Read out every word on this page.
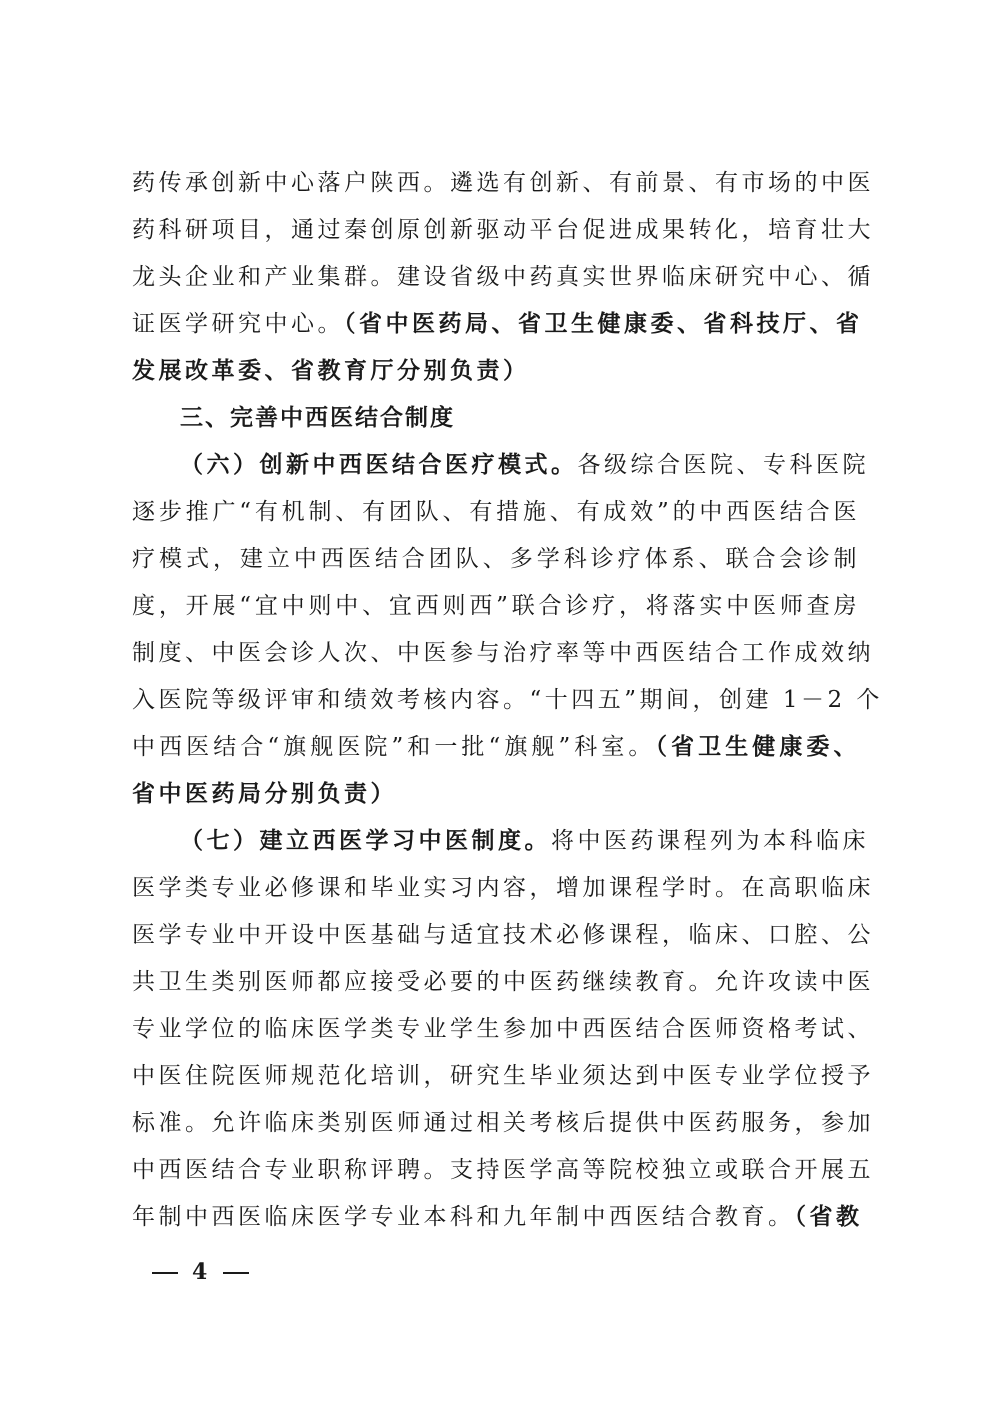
药传承创新中心落户陕西。遴选有创新、有前景、有市场的中医
药科研项目，通过秦创原创新驱动平台促进成果转化，培育壮大
龙头企业和产业集群。建设省级中药真实世界临床研究中心、循
证医学研究中心。（省中医药局、省卫生健康委、省科技厅、省
发展改革委、省教育厅分别负责）
三、完善中西医结合制度
（六）创新中西医结合医疗模式。各级综合医院、专科医院
逐步推广“有机制、有团队、有措施、有成效”的中西医结合医
疗模式，建立中西医结合团队、多学科诊疗体系、联合会诊制
度，开展“宜中则中、宜西则西”联合诊疗，将落实中医师查房
制度、中医会诊人次、中医参与治疗率等中西医结合工作成效纳
入医院等级评审和绩效考核内容。“十四五”期间，创建 1－2 个
中西医结合“旗舰医院”和一批“旗舰”科室。（省卫生健康委、
省中医药局分别负责）
（七）建立西医学习中医制度。将中医药课程列为本科临床
医学类专业必修课和毕业实习内容，增加课程学时。在高职临床
医学专业中开设中医基础与适宜技术必修课程，临床、口腔、公
共卫生类别医师都应接受必要的中医药继续教育。允许攻读中医
专业学位的临床医学类专业学生参加中西医结合医师资格考试、
中医住院医师规范化培训，研究生毕业须达到中医专业学位授予
标准。允许临床类别医师通过相关考核后提供中医药服务，参加
中西医结合专业职称评聘。支持医学高等院校独立或联合开展五
年制中西医临床医学专业本科和九年制中西医结合教育。（省教
4
